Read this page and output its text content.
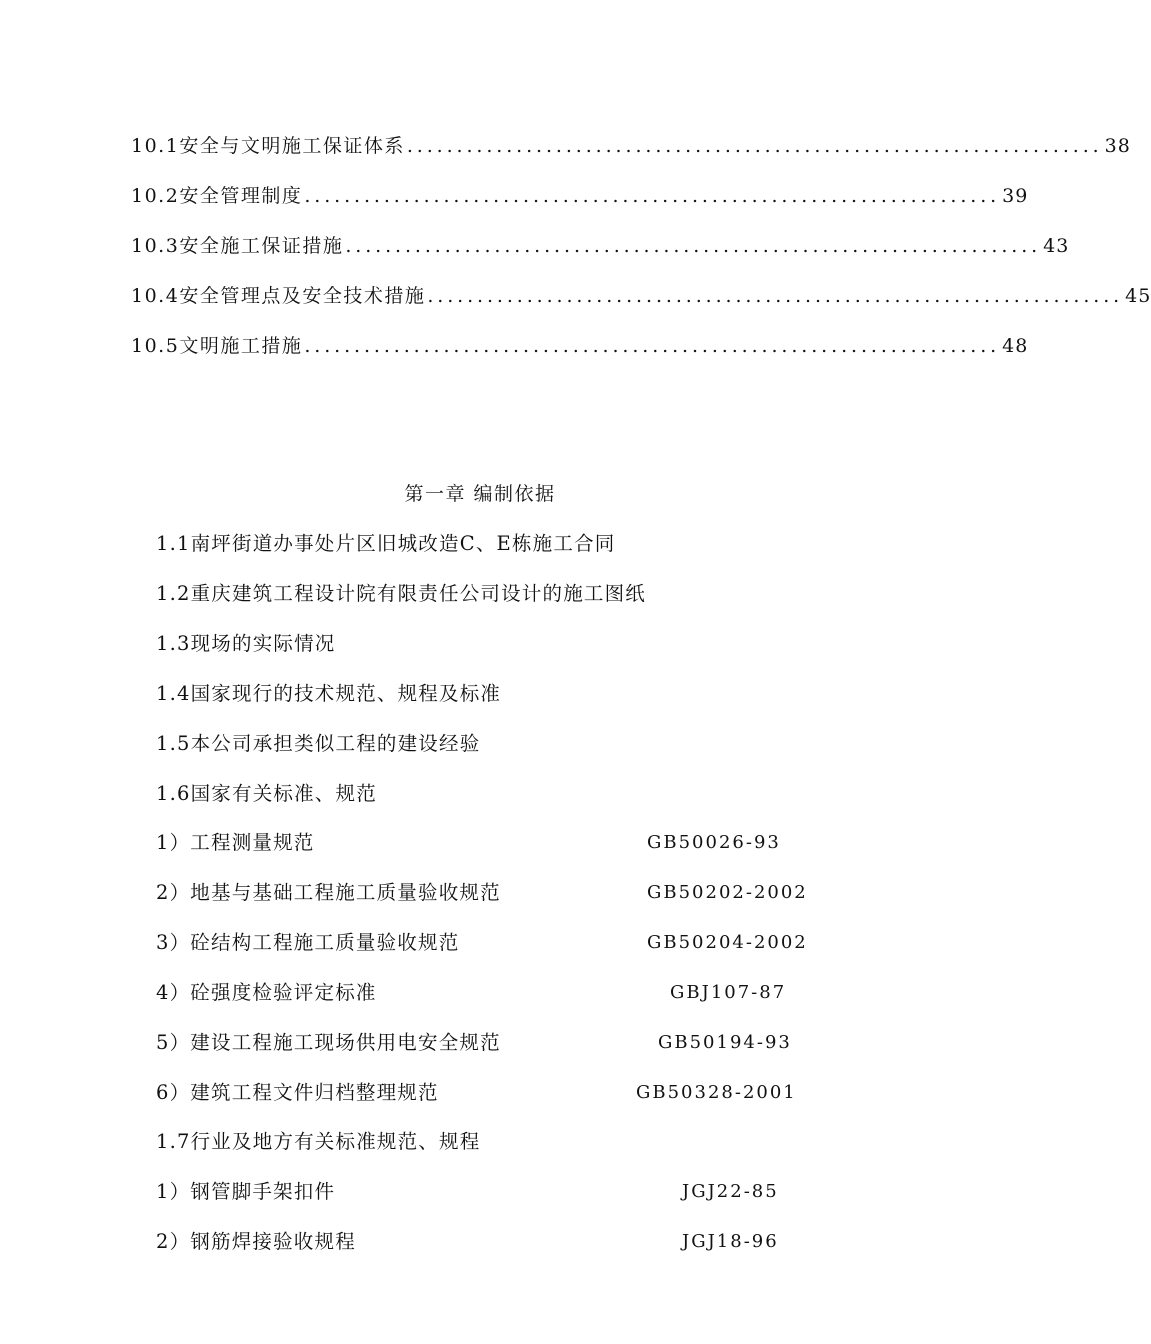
10.1 安全与文明施工保证体系 ...................................................................... 38
10.2 安全管理制度 ...................................................................... 39
10.3 安全施工保证措施 ...................................................................... 43
10.4 安全管理点及安全技术措施 ...................................................................... 45
10.5 文明施工措施 ...................................................................... 48
第一章 编制依据
1.1南坪街道办事处片区旧城改造C、E栋施工合同
1.2重庆建筑工程设计院有限责任公司设计的施工图纸
1.3现场的实际情况
1.4国家现行的技术规范、规程及标准
1.5本公司承担类似工程的建设经验
1.6国家有关标准、规范
1）工程测量规范	GB50026-93
2）地基与基础工程施工质量验收规范	GB50202-2002
3）砼结构工程施工质量验收规范	GB50204-2002
4）砼强度检验评定标准	GBJ107-87
5）建设工程施工现场供用电安全规范	GB50194-93
6）建筑工程文件归档整理规范	GB50328-2001
1.7行业及地方有关标准规范、规程
1）钢管脚手架扣件	JGJ22-85
2）钢筋焊接验收规程	JGJ18-96
